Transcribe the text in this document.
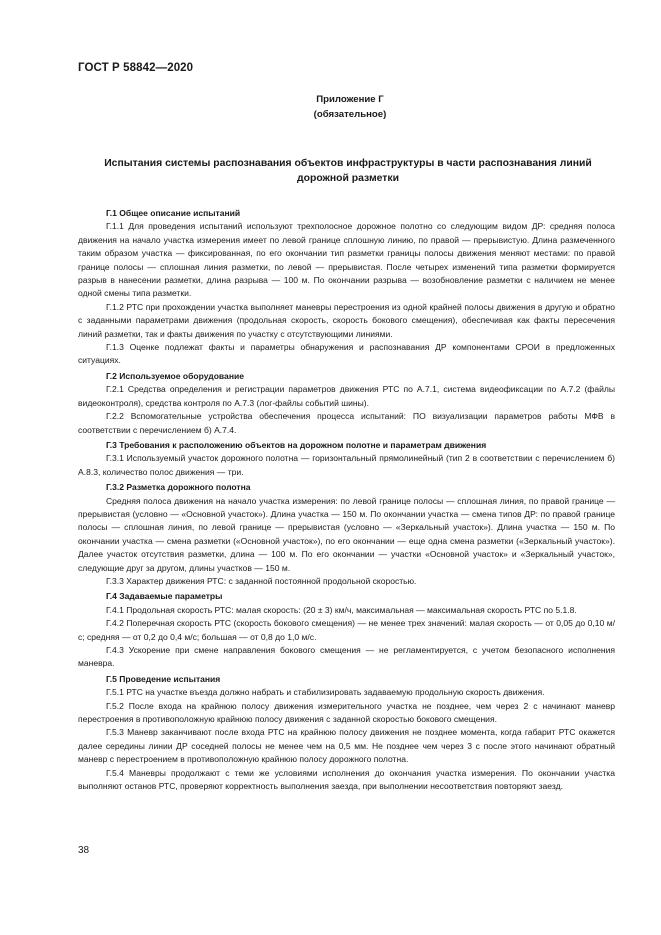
ГОСТ Р 58842—2020
Приложение Г
(обязательное)
Испытания системы распознавания объектов инфраструктуры в части распознавания линий дорожной разметки
Г.1 Общее описание испытаний

Г.1.1 Для проведения испытаний используют трехполосное дорожное полотно со следующим видом ДР: средняя полоса движения на начало участка измерения имеет по левой границе сплошную линию, по правой — прерывистую. Длина размеченного таким образом участка — фиксированная, по его окончании тип разметки границы полосы движения меняют местами: по правой границе полосы — сплошная линия разметки, по левой — прерывистая. После четырех изменений типа разметки формируется разрыв в нанесении разметки, длина разрыва — 100 м. По окончании разрыва — возобновление разметки с наличием не менее одной смены типа разметки.

Г.1.2 РТС при прохождении участка выполняет маневры перестроения из одной крайней полосы движения в другую и обратно с заданными параметрами движения (продольная скорость, скорость бокового смещения), обеспечивая как факты пересечения линий разметки, так и факты движения по участку с отсутствующими линиями.

Г.1.3 Оценке подлежат факты и параметры обнаружения и распознавания ДР компонентами СРОИ в предложенных ситуациях.

Г.2 Используемое оборудование

Г.2.1 Средства определения и регистрации параметров движения РТС по А.7.1, система видеофиксации по А.7.2 (файлы видеоконтроля), средства контроля по А.7.3 (лог-файлы событий шины).

Г.2.2 Вспомогательные устройства обеспечения процесса испытаний: ПО визуализации параметров работы МФВ в соответствии с перечислением б) А.7.4.

Г.3 Требования к расположению объектов на дорожном полотне и параметрам движения

Г.3.1 Используемый участок дорожного полотна — горизонтальный прямолинейный (тип 2 в соответствии с перечислением б) А.8.3, количество полос движения — три.

Г.3.2 Разметка дорожного полотна

Средняя полоса движения на начало участка измерения: по левой границе полосы — сплошная линия, по правой границе — прерывистая (условно — «Основной участок»). Длина участка — 150 м. По окончании участка — смена типов ДР: по правой границе полосы — сплошная линия, по левой границе — прерывистая (условно — «Зеркальный участок»). Длина участка — 150 м. По окончании участка — смена разметки («Основной участок»), по его окончании — еще одна смена разметки («Зеркальный участок»). Далее участок отсутствия разметки, длина — 100 м. По его окончании — участки «Основной участок» и «Зеркальный участок», следующие друг за другом, длины участков — 150 м.

Г.3.3 Характер движения РТС: с заданной постоянной продольной скоростью.

Г.4 Задаваемые параметры

Г.4.1 Продольная скорость РТС: малая скорость: (20 ± 3) км/ч, максимальная — максимальная скорость РТС по 5.1.8.

Г.4.2 Поперечная скорость РТС (скорость бокового смещения) — не менее трех значений: малая скорость — от 0,05 до 0,10 м/с; средняя — от 0,2 до 0,4 м/с; большая — от 0,8 до 1,0 м/с.

Г.4.3 Ускорение при смене направления бокового смещения — не регламентируется, с учетом безопасного исполнения маневра.

Г.5 Проведение испытания

Г.5.1 РТС на участке въезда должно набрать и стабилизировать задаваемую продольную скорость движения.

Г.5.2 После входа на крайнюю полосу движения измерительного участка не позднее, чем через 2 с начинают маневр перестроения в противоположную крайнюю полосу движения с заданной скоростью бокового смещения.

Г.5.3 Маневр заканчивают после входа РТС на крайнюю полосу движения не позднее момента, когда габарит РТС окажется далее середины линии ДР соседней полосы не менее чем на 0,5 мм. Не позднее чем через 3 с после этого начинают обратный маневр с перестроением в противоположную крайнюю полосу дорожного полотна.

Г.5.4 Маневры продолжают с теми же условиями исполнения до окончания участка измерения. По окончании участка выполняют останов РТС, проверяют корректность выполнения заезда, при выполнении несоответствия повторяют заезд.

38
